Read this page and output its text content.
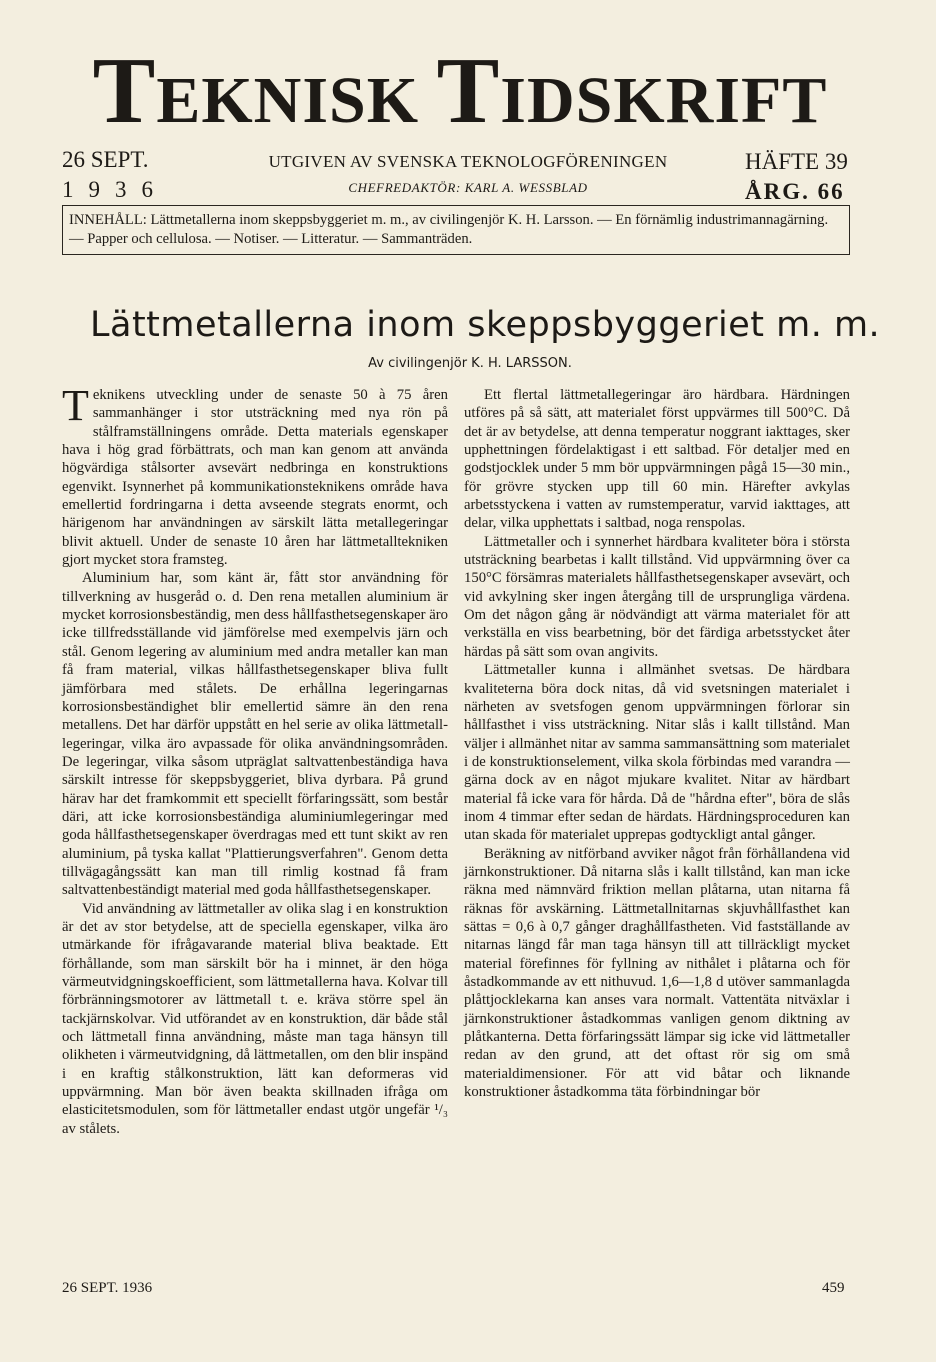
TEKNISK TIDSKRIFT
26 SEPT.
1936
UTGIVEN AV SVENSKA TEKNOLOGFÖRENINGEN
CHEFREDAKTÖR: KARL A. WESSBLAD
HÄFTE 39
ÅRG. 66
INNEHÅLL: Lättmetallerna inom skeppsbyggeriet m. m., av civilingenjör K. H. Larsson. — En förnämlig industrimannagärning. — Papper och cellulosa. — Notiser. — Litteratur. — Sammanträden.
Lättmetallerna inom skeppsbyggeriet m. m.
Av civilingenjör K. H. LARSSON.

Teknikens utveckling under de senaste 50 à 75 åren sammanhänger i stor utsträckning med nya rön på stålframställningens område. Detta materials egenskaper hava i hög grad förbättrats, och man kan genom att använda högvärdiga stålsorter avsevärt nedbringa en konstruktions egenvikt. Isynnerhet på kommunikationsteknikens område hava emellertid fordringarna i detta avseende stegrats enormt, och härigenom har användningen av särskilt lätta metallegeringar blivit aktuell. Under de senaste 10 åren har lättmetalltekniken gjort mycket stora framsteg.

Aluminium har, som känt är, fått stor användning för tillverkning av husgeråd o. d. Den rena metallen aluminium är mycket korrosionsbeständig, men dess hållfasthetsegenskaper äro icke tillfredsställande vid jämförelse med exempelvis järn och stål. Genom legering av aluminium med andra metaller kan man få fram material, vilkas hållfasthetsegenskaper bliva fullt jämförbara med stålets. De erhållna legeringarnas korrosionsbeständighet blir emellertid sämre än den rena metallens. Det har därför uppstått en hel serie av olika lättmetall-legeringar, vilka äro avpassade för olika användningsområden. De legeringar, vilka såsom utpräglat saltvattenbeständiga hava särskilt intresse för skeppsbyggeriet, bliva dyrbara. På grund härav har det framkommit ett speciellt förfaringssätt, som består däri, att icke korrosionsbeständiga aluminiumlegeringar med goda hållfasthetsegenskaper överdragas med ett tunt skikt av ren aluminium, på tyska kallat "Plattierungsverfahren". Genom detta tillvägagångssätt kan man till rimlig kostnad få fram saltvattenbeständigt material med goda hållfasthetsegenskaper.

Vid användning av lättmetaller av olika slag i en konstruktion är det av stor betydelse, att de speciella egenskaper, vilka äro utmärkande för ifrågavarande material bliva beaktade. Ett förhållande, som man särskilt bör ha i minnet, är den höga värmeutvidgningskoefficient, som lättmetallerna hava. Kolvar till förbränningsmotorer av lättmetall t. e. kräva större spel än tackjärnskolvar. Vid utförandet av en konstruktion, där både stål och lättmetall finna användning, måste man taga hänsyn till olikheten i värmeutvidgning, då lättmetallen, om den blir inspänd i en kraftig stålkonstruktion, lätt kan deformeras vid uppvärmning. Man bör även beakta skillnaden ifråga om elasticitetsmodulen, som för lättmetaller endast utgör ungefär ¹/₃ av stålets.

Ett flertal lättmetallegeringar äro härdbara. Härdningen utföres på så sätt, att materialet först uppvärmes till 500°C. Då det är av betydelse, att denna temperatur noggrant iakttages, sker upphettningen fördelaktigast i ett saltbad. För detaljer med en godstjocklek under 5 mm bör uppvärmningen pågå 15—30 min., för grövre stycken upp till 60 min. Härefter avkylas arbetsstyckena i vatten av rumstemperatur, varvid iakttages, att delar, vilka upphettats i saltbad, noga renspolas.

Lättmetaller och i synnerhet härdbara kvaliteter böra i största utsträckning bearbetas i kallt tillstånd. Vid uppvärmning över ca 150°C försämras materialets hållfasthetsegenskaper avsevärt, och vid avkylning sker ingen återgång till de ursprungliga värdena. Om det någon gång är nödvändigt att värma materialet för att verkställa en viss bearbetning, bör det färdiga arbetsstycket åter härdas på sätt som ovan angivits.

Lättmetaller kunna i allmänhet svetsas. De härdbara kvaliteterna böra dock nitas, då vid svetsningen materialet i närheten av svetsfogen genom uppvärmningen förlorar sin hållfasthet i viss utsträckning. Nitar slås i kallt tillstånd. Man väljer i allmänhet nitar av samma sammansättning som materialet i de konstruktionselement, vilka skola förbindas med varandra — gärna dock av en något mjukare kvalitet. Nitar av härdbart material få icke vara för hårda. Då de "hårdna efter", böra de slås inom 4 timmar efter sedan de härdats. Härdningsproceduren kan utan skada för materialet upprepas godtyckligt antal gånger.

Beräkning av nitförband avviker något från förhållandena vid järnkonstruktioner. Då nitarna slås i kallt tillstånd, kan man icke räkna med nämnvärd friktion mellan plåtarna, utan nitarna få räknas för avskärning. Lättmetallnitarnas skjuvhållfasthet kan sättas = 0,6 à 0,7 gånger draghållfastheten. Vid fastställande av nitarnas längd får man taga hänsyn till att tillräckligt mycket material förefinnes för fyllning av nithålet i plåtarna och för åstadkommande av ett nithuvud. 1,6—1,8 d utöver sammanlagda plåttjocklekarna kan anses vara normalt. Vattentäta nitväxlar i järnkonstruktioner åstadkommas vanligen genom diktning av plåtkanterna. Detta förfaringssätt lämpar sig icke vid lättmetaller redan av den grund, att det oftast rör sig om små materialdimensioner. För att vid båtar och liknande konstruktioner åstadkomma täta förbindningar bör

26 SEPT. 1936	459
